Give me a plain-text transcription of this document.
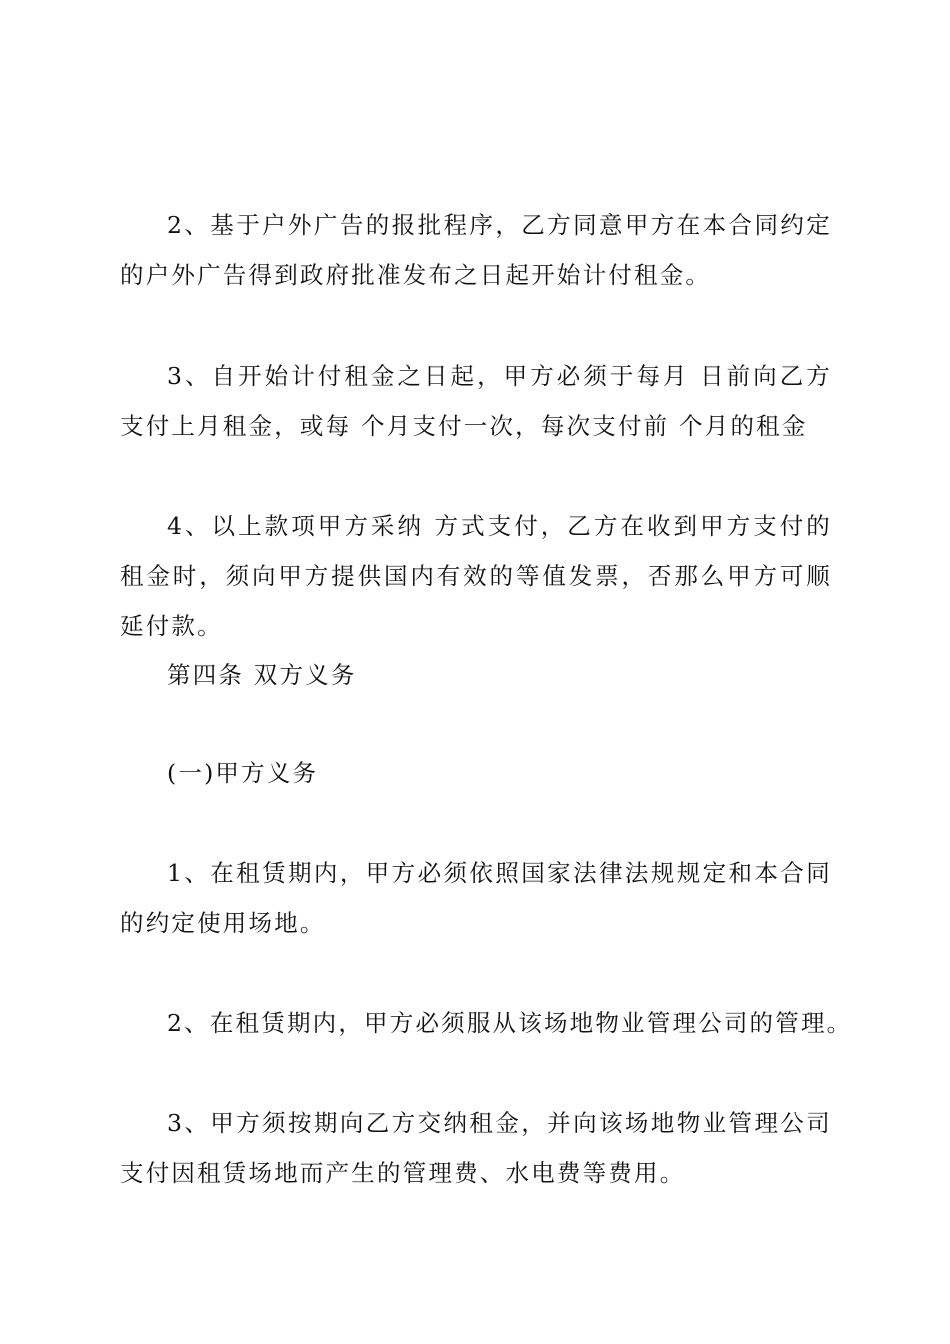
2、基于户外广告的报批程序，乙方同意甲方在本合同约定的户外广告得到政府批准发布之日起开始计付租金。

3、自开始计付租金之日起，甲方必须于每月 日前向乙方支付上月租金，或每 个月支付一次，每次支付前 个月的租金

4、以上款项甲方采纳 方式支付，乙方在收到甲方支付的租金时，须向甲方提供国内有效的等值发票，否那么甲方可顺延付款。

第四条 双方义务

(一)甲方义务

1、在租赁期内，甲方必须依照国家法律法规规定和本合同的约定使用场地。

2、在租赁期内，甲方必须服从该场地物业管理公司的管理。

3、甲方须按期向乙方交纳租金，并向该场地物业管理公司支付因租赁场地而产生的管理费、水电费等费用。
